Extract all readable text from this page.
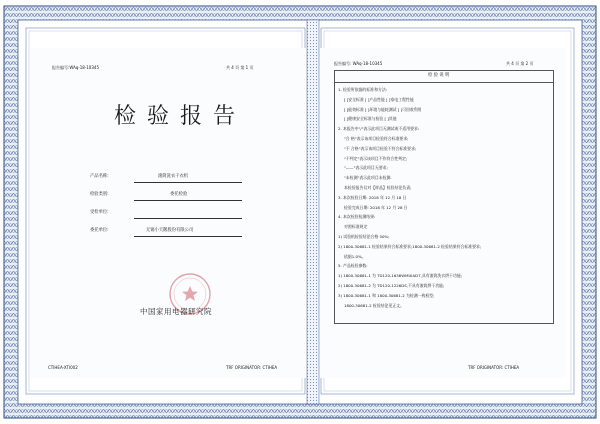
报告编号:WAq-18-10345	共 4 页 第 1 页
检 验 报 告
产品名称:	滚筒洗衣干衣机
检验类别:	委托检验
受检单位:
委托单位:	无锡小天鹅股份有限公司
中国家用电器研究院
CTIHEA-XTI002	TRF ORIGINATOR: CTIHEA
报告编号: WAq-18-10345	共 4 页 第 2 页
检 验 说 明
1. 检验所依据的标准和方法:
[ ]安全标准 [ ]产品性能 [ ]家电工程性能
[ ]能效标准 [ ]环境与能耗测试 [ ]可回收利用
[ ]健康安全标准与检验 [ ]其他
2. 本报告中"/"表示此项目无测试或不适用要求:
"合 格"表示该项目检验符合标准要求;
"不 合格"表示该项目检验不符合标准要求;
"不判定"表示该项目不作符合性判定;
"——"表示此项目无要求;
"未检测"表示此项目未检测.
本检验报告仅对【样品】检验结论负责;
3. 本次检验日期: 2018 年 12 月 18 日
检验完成日期: 2018 年 12 月 28 日
4. 本次检验检测结果:
对照标准规定
1) 试验机检验结论合格 50%;
2) 1800-30681-1 检验结果符合标准要求;1800-30681-2 检验结果符合标准要求;
依据1.0%。
5. 产品检验参数:
1) 1800-30681-1 为 TD120-1636WMUIAD7,具有滚筒洗衣烘干功能;
2) 1800-30681-2 为 TD120-1226DS,不具有滚筒烘干功能;
3) 1800-30681-1 和 1800-30681-2 为检测一致机型;
1800-30681-2 检验结论见正文。
TRF ORIGINATOR: CTIHEA
